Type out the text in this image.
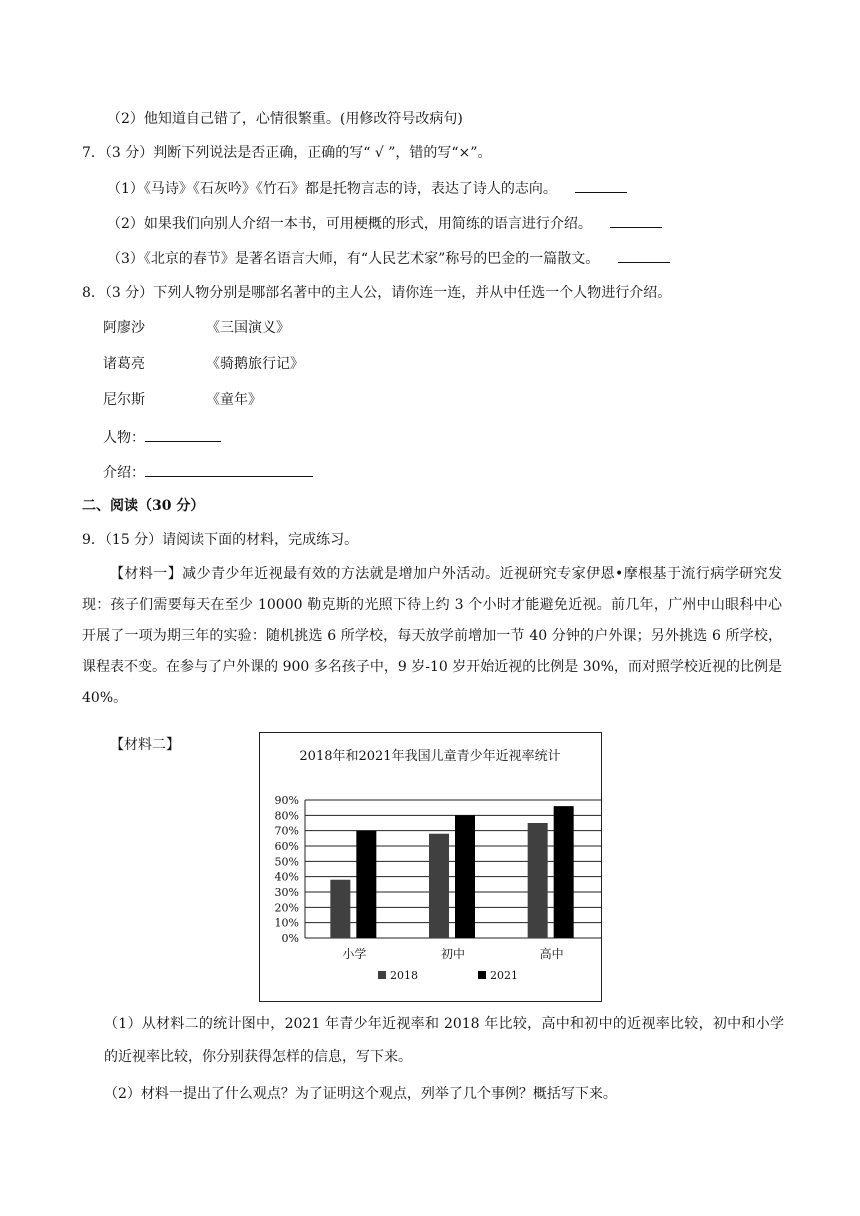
（2）他知道自己错了，心情很繁重。(用修改符号改病句)
7．（3 分）判断下列说法是否正确，正确的写“ √ ”，错的写“×”。
（1）《马诗》《石灰吟》《竹石》都是托物言志的诗，表达了诗人的志向。
（2）如果我们向别人介绍一本书，可用梗概的形式，用简练的语言进行介绍。
（3）《北京的春节》是著名语言大师，有“人民艺术家”称号的巴金的一篇散文。
8．（3 分）下列人物分别是哪部名著中的主人公，请你连一连，并从中任选一个人物进行介绍。
阿廖沙	《三国演义》
诸葛亮	《骑鹅旅行记》
尼尔斯	《童年》
人物：
介绍：
二、阅读（30 分）
9．（15 分）请阅读下面的材料，完成练习。
【材料一】减少青少年近视最有效的方法就是增加户外活动。近视研究专家伊恩•摩根基于流行病学研究发现：孩子们需要每天在至少 10000 勒克斯的光照下待上约 3 个小时才能避免近视。前几年，广州中山眼科中心开展了一项为期三年的实验：随机挑选 6 所学校，每天放学前增加一节 40 分钟的户外课；另外挑选 6 所学校，课程表不变。在参与了户外课的 900 多名孩子中，9 岁-10 岁开始近视的比例是 30%，而对照学校近视的比例是 40%。
【材料二】
2018年和2021年我国儿童青少年近视率统计
0%
10%
20%
30%
40%
50%
60%
70%
80%
90%
小学	初中	高中
2018	2021
（1）从材料二的统计图中，2021 年青少年近视率和 2018 年比较，高中和初中的近视率比较，初中和小学的近视率比较，你分别获得怎样的信息，写下来。
（2）材料一提出了什么观点？为了证明这个观点，列举了几个事例？概括写下来。
